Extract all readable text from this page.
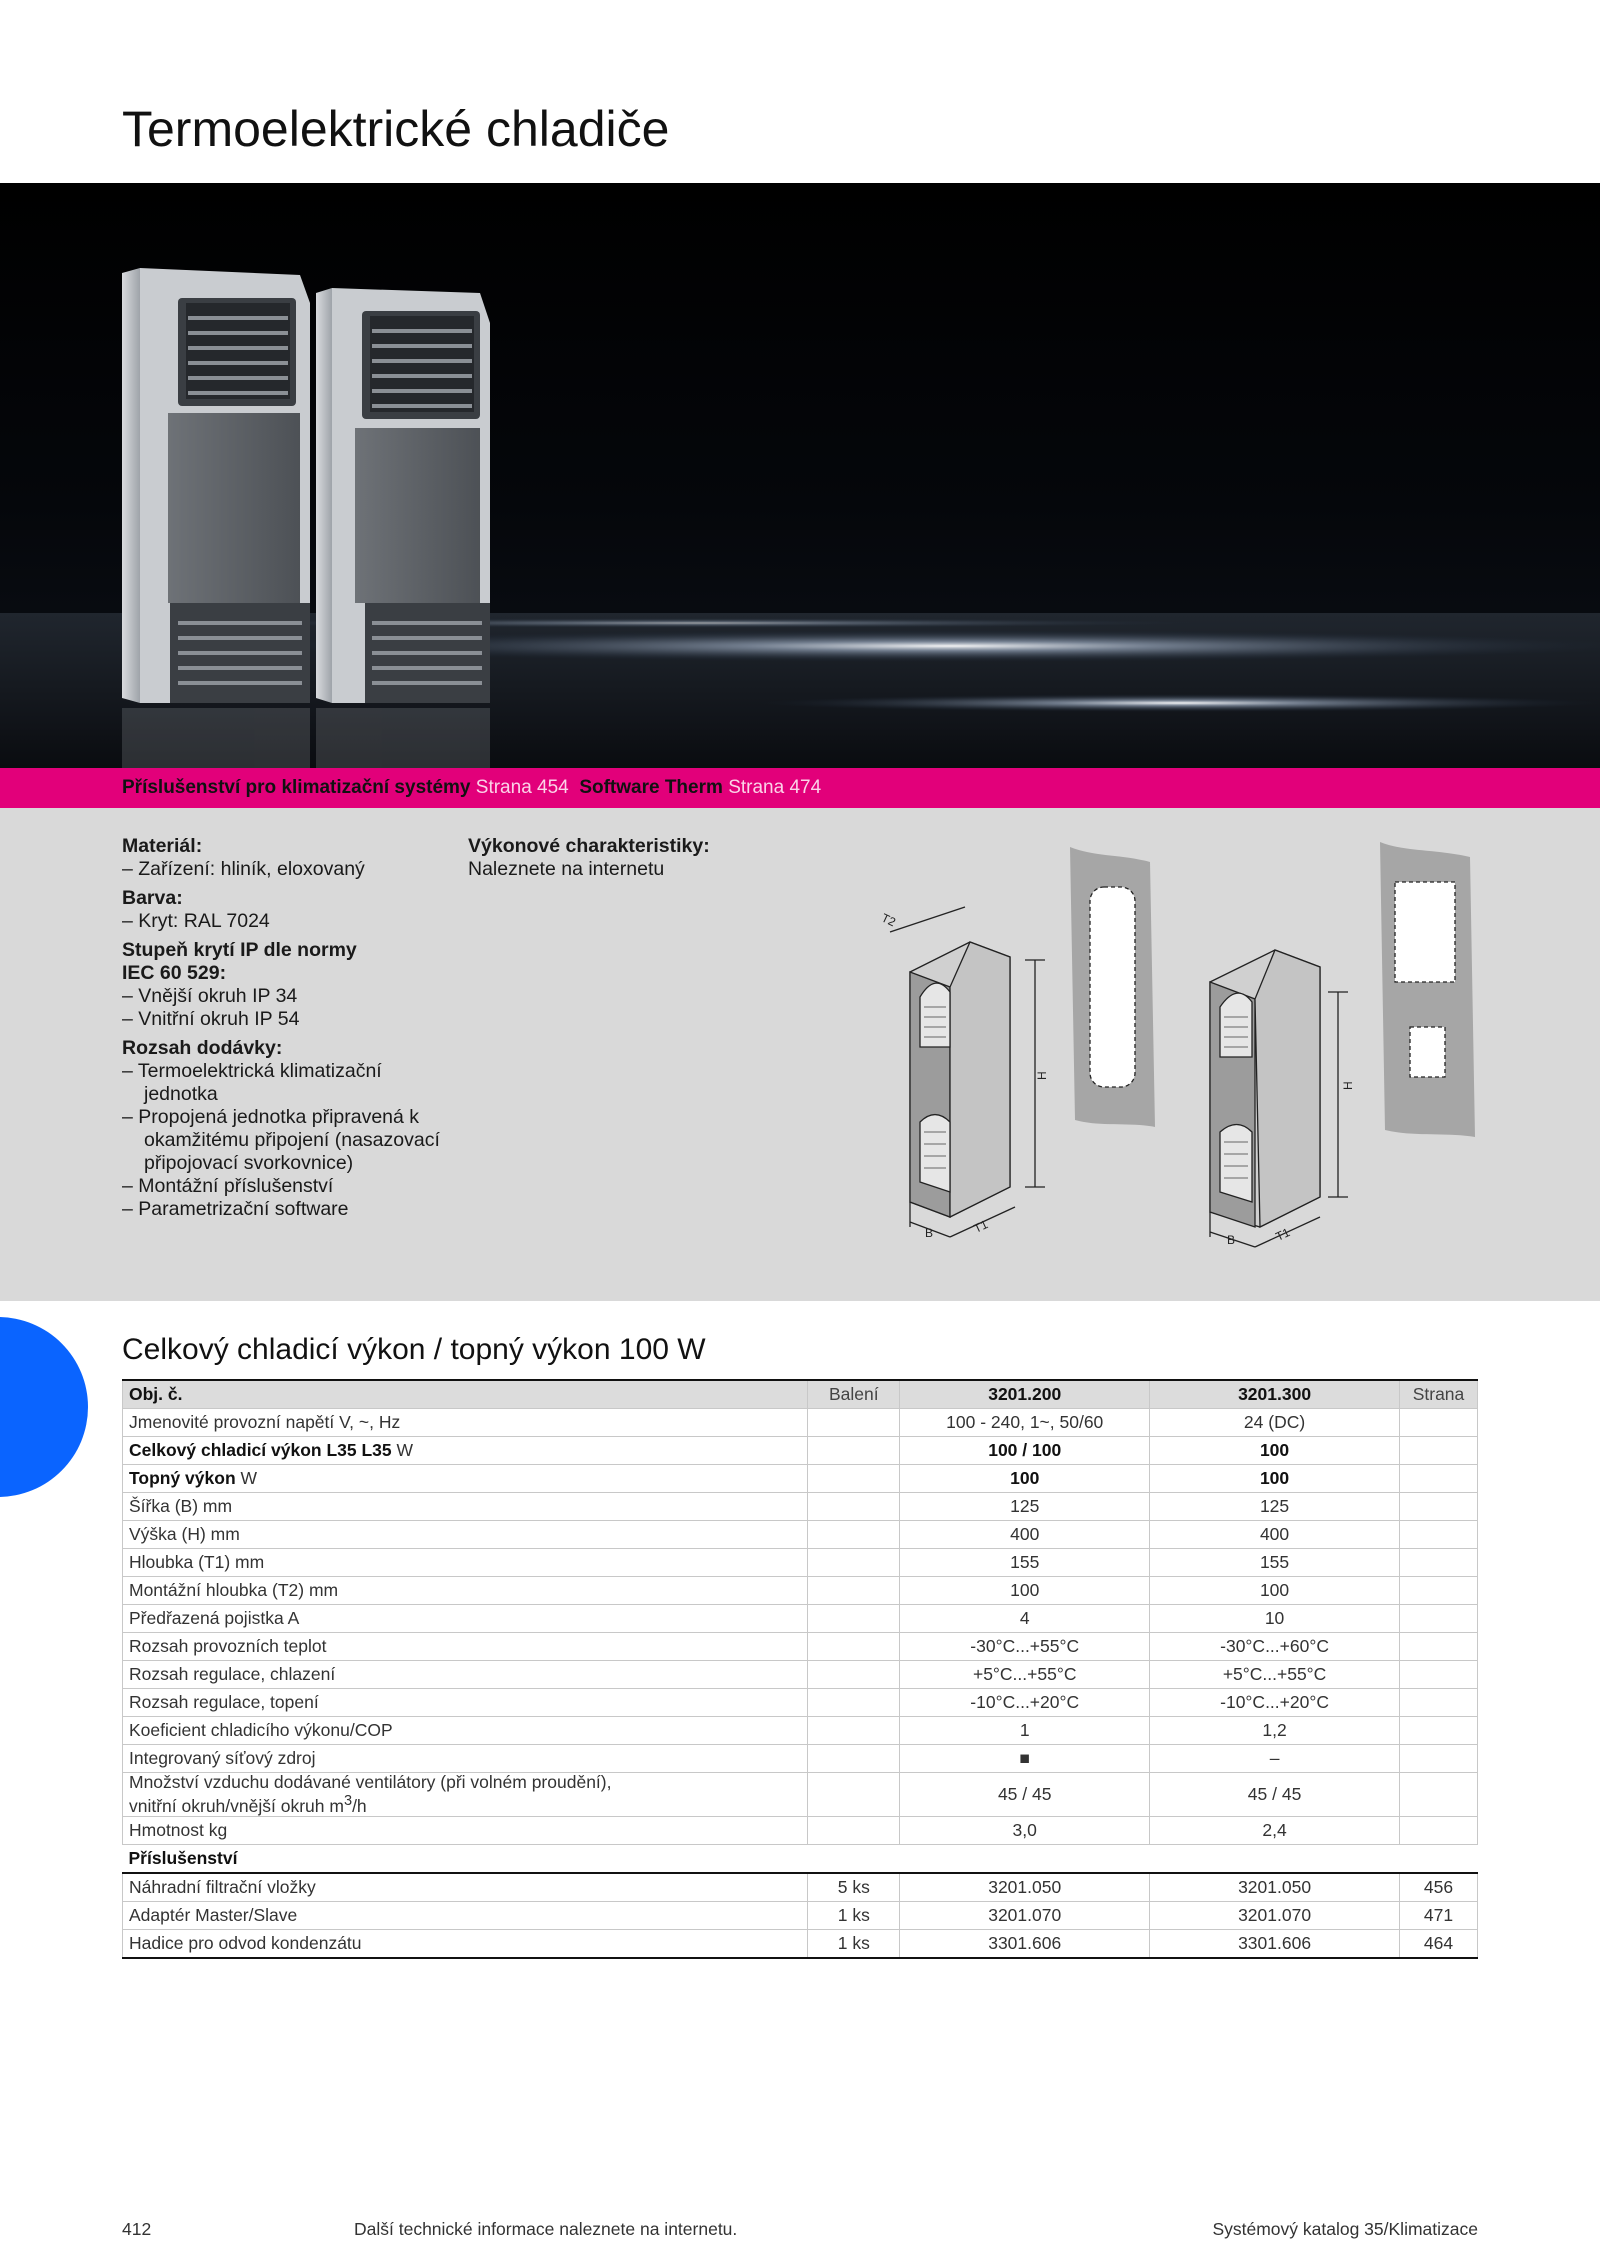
Termoelektrické chladiče
Příslušenství pro klimatizační systémy Strana 454 Software Therm Strana 474
Materiál:
– Zařízení: hliník, eloxovaný
Barva:
– Kryt: RAL 7024
Stupeň krytí IP dle normy
IEC 60 529:
– Vnější okruh IP 34
– Vnitřní okruh IP 54
Rozsah dodávky:
– Termoelektrická klimatizační jednotka
– Propojená jednotka připravená k okamžitému připojení (nasazovací připojovací svorkovnice)
– Montážní příslušenství
– Parametrizační software
Výkonové charakteristiky:
Naleznete na internetu
T2
H
B	T1
H
B	T1
Celkový chladicí výkon / topný výkon 100 W
Obj. č.	Balení	3201.200	3201.300	Strana
Jmenovité provozní napětí V, ~, Hz		100 - 240, 1~, 50/60	24 (DC)	
Celkový chladicí výkon L35 L35 W		100 / 100	100	
Topný výkon W		100	100	
Šířka (B) mm		125	125	
Výška (H) mm		400	400	
Hloubka (T1) mm		155	155	
Montážní hloubka (T2) mm		100	100	
Předřazená pojistka A		4	10	
Rozsah provozních teplot		-30°C...+55°C	-30°C...+60°C	
Rozsah regulace, chlazení		+5°C...+55°C	+5°C...+55°C	
Rozsah regulace, topení		-10°C...+20°C	-10°C...+20°C	
Koeficient chladicího výkonu/COP		1	1,2	
Integrovaný síťový zdroj		■	–	
Množství vzduchu dodávané ventilátory (při volném proudění),
vnitřní okruh/vnější okruh $m^3/h$		45 / 45	45 / 45	
Hmotnost kg		3,0	2,4	
Příslušenství				
Náhradní filtrační vložky	5 ks	3201.050	3201.050	456
Adaptér Master/Slave	1 ks	3201.070	3201.070	471
Hadice pro odvod kondenzátu	1 ks	3301.606	3301.606	464
412	Další technické informace naleznete na internetu.	Systémový katalog 35/Klimatizace
